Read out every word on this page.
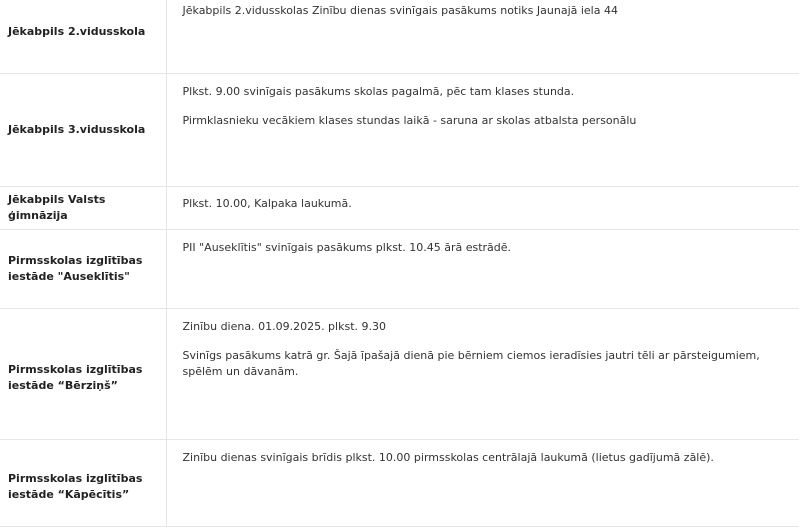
Jēkabpils 2.vidusskola	Jēkabpils 2.vidusskolas Zinību dienas svinīgais pasākums notiks Jaunajā iela 44

Jēkabpils 3.vidusskola	Plkst. 9.00 svinīgais pasākums skolas pagalmā, pēc tam klases stunda.

Pirmklasnieku vecākiem klases stundas laikā - saruna ar skolas atbalsta personālu

Jēkabpils Valsts ģimnāzija	Plkst. 10.00, Kalpaka laukumā.

Pirmsskolas izglītības iestāde "Auseklītis"	PII "Auseklītis" svinīgais pasākums plkst. 10.45 ārā estrādē.

Pirmsskolas izglītības iestāde “Bērziņš”	Zinību diena. 01.09.2025. plkst. 9.30

Svinīgs pasākums katrā gr. Šajā īpašajā dienā pie bērniem ciemos ieradīsies jautri tēli ar pārsteigumiem, spēlēm un dāvanām.

Pirmsskolas izglītības iestāde “Kāpēcītis”	Zinību dienas svinīgais brīdis plkst. 10.00 pirmsskolas centrālajā laukumā (lietus gadījumā zālē).
